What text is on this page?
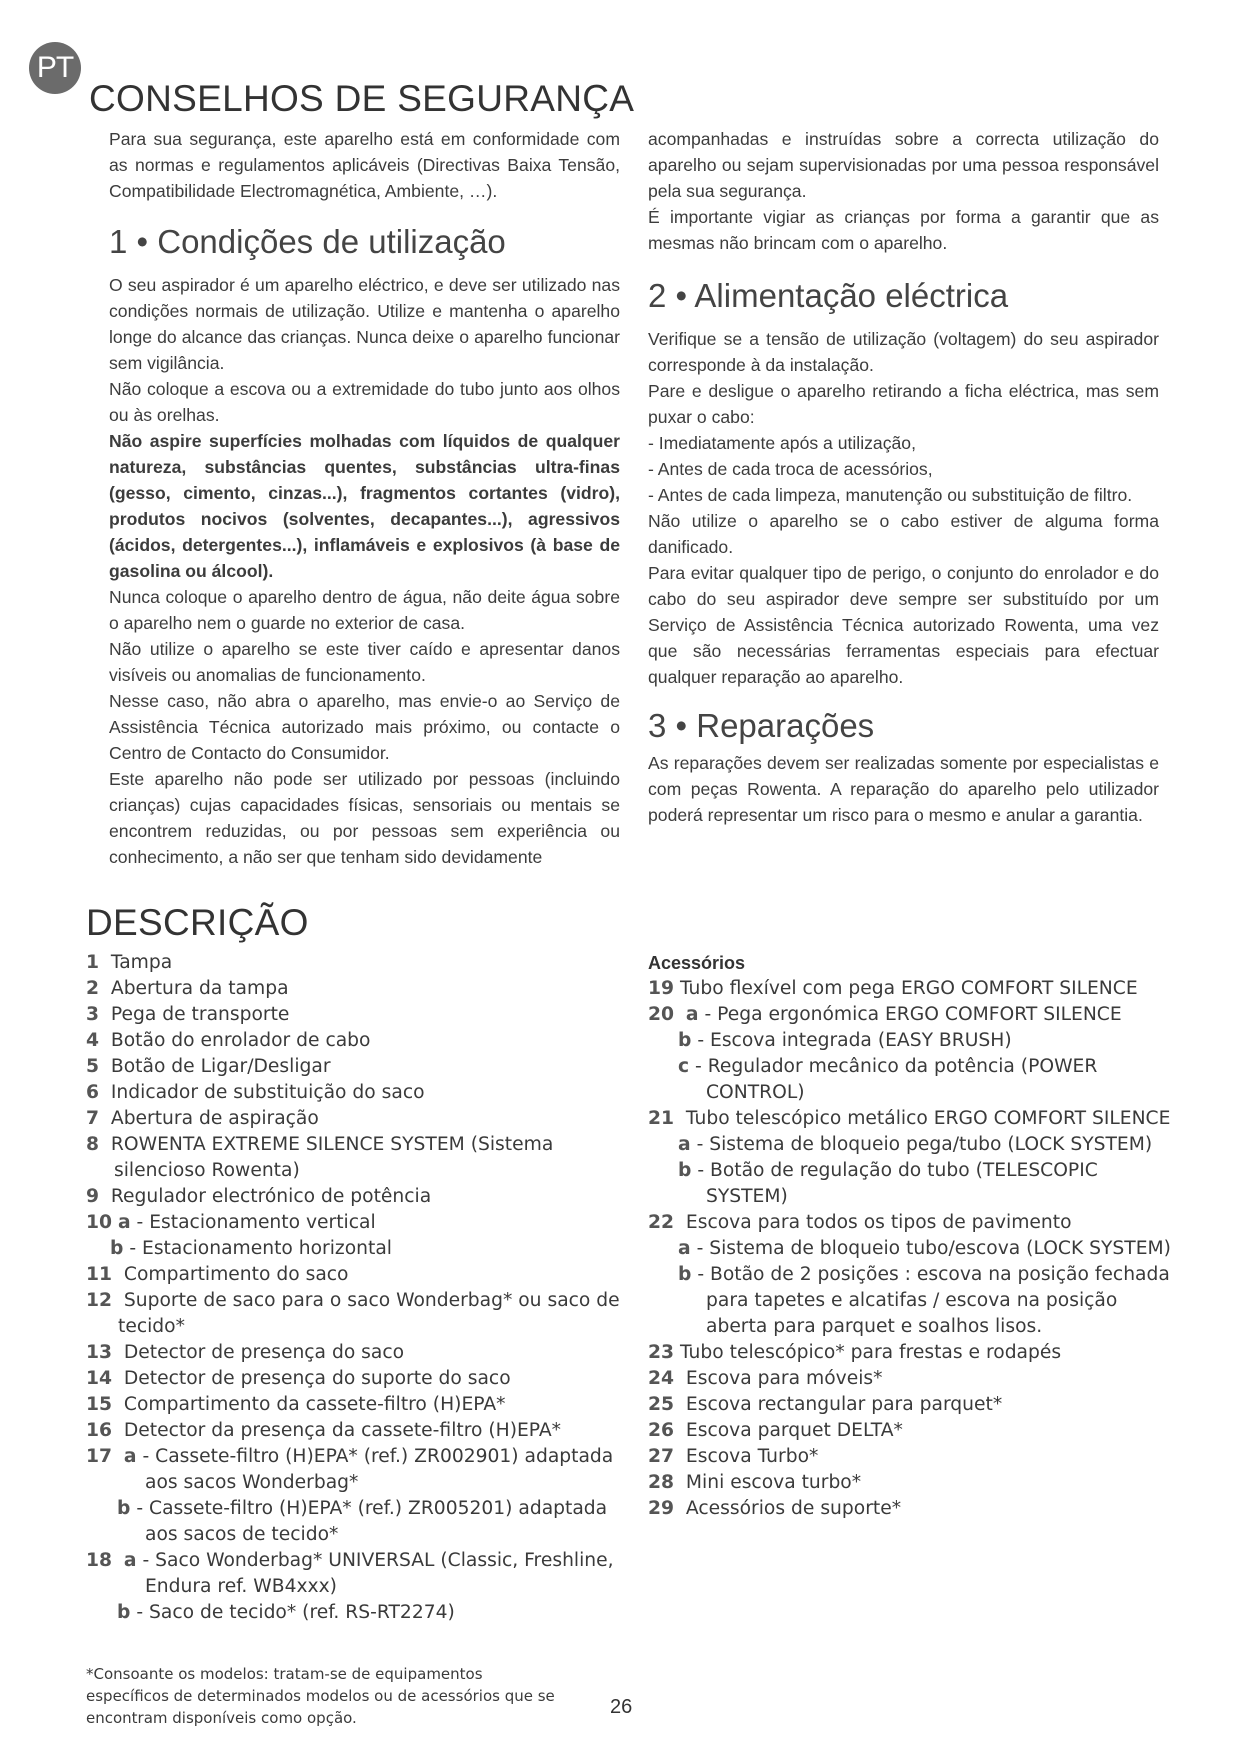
PT
CONSELHOS DE SEGURANÇA

Para sua segurança, este aparelho está em conformidade com as normas e regulamentos aplicáveis (Directivas Baixa Tensão, Compatibilidade Electromagnética, Ambiente, …).

1 • Condições de utilização

O seu aspirador é um aparelho eléctrico, e deve ser utilizado nas condições normais de utilização. Utilize e mantenha o aparelho longe do alcance das crianças. Nunca deixe o aparelho funcionar sem vigilância.

Não coloque a escova ou a extremidade do tubo junto aos olhos ou às orelhas.

Não aspire superfícies molhadas com líquidos de qualquer natureza, substâncias quentes, substâncias ultra-finas (gesso, cimento, cinzas...), fragmentos cortantes (vidro), produtos nocivos (solventes, decapantes...), agressivos (ácidos, detergentes...), inflamáveis e explosivos (à base de gasolina ou álcool).

Nunca coloque o aparelho dentro de água, não deite água sobre o aparelho nem o guarde no exterior de casa.

Não utilize o aparelho se este tiver caído e apresentar danos visíveis ou anomalias de funcionamento.

Nesse caso, não abra o aparelho, mas envie-o ao Serviço de Assistência Técnica autorizado mais próximo, ou contacte o Centro de Contacto do Consumidor.

Este aparelho não pode ser utilizado por pessoas (incluindo crianças) cujas capacidades físicas, sensoriais ou mentais se encontrem reduzidas, ou por pessoas sem experiência ou conhecimento, a não ser que tenham sido devidamente

acompanhadas e instruídas sobre a correcta utilização do aparelho ou sejam supervisionadas por uma pessoa responsável pela sua segurança.

É importante vigiar as crianças por forma a garantir que as mesmas não brincam com o aparelho.

2 • Alimentação eléctrica

Verifique se a tensão de utilização (voltagem) do seu aspirador corresponde à da instalação.

Pare e desligue o aparelho retirando a ficha eléctrica, mas sem puxar o cabo:

- Imediatamente após a utilização,

- Antes de cada troca de acessórios,

- Antes de cada limpeza, manutenção ou substituição de filtro.

Não utilize o aparelho se o cabo estiver de alguma forma danificado.

Para evitar qualquer tipo de perigo, o conjunto do enrolador e do cabo do seu aspirador deve sempre ser substituído por um Serviço de Assistência Técnica autorizado Rowenta, uma vez que são necessárias ferramentas especiais para efectuar qualquer reparação ao aparelho.

3 • Reparações

As reparações devem ser realizadas somente por especialistas e com peças Rowenta. A reparação do aparelho pelo utilizador poderá representar um risco para o mesmo e anular a garantia.

DESCRIÇÃO
1 Tampa
2 Abertura da tampa
3 Pega de transporte
4 Botão do enrolador de cabo
5 Botão de Ligar/Desligar
6 Indicador de substituição do saco
7 Abertura de aspiração
8 ROWENTA EXTREME SILENCE SYSTEM (Sistema silencioso Rowenta)
9 Regulador electrónico de potência
10 a - Estacionamento vertical
b - Estacionamento horizontal
11 Compartimento do saco
12 Suporte de saco para o saco Wonderbag* ou saco de tecido*
13 Detector de presença do saco
14 Detector de presença do suporte do saco
15 Compartimento da cassete-filtro (H)EPA*
16 Detector da presença da cassete-filtro (H)EPA*
17 a - Cassete-filtro (H)EPA* (ref.) ZR002901) adaptada aos sacos Wonderbag*
b - Cassete-filtro (H)EPA* (ref.) ZR005201) adaptada aos sacos de tecido*
18 a - Saco Wonderbag* UNIVERSAL (Classic, Freshline, Endura ref. WB4xxx)
b - Saco de tecido* (ref. RS-RT2274)
Acessórios
19 Tubo flexível com pega ERGO COMFORT SILENCE
20 a - Pega ergonómica ERGO COMFORT SILENCE
b - Escova integrada (EASY BRUSH)
c - Regulador mecânico da potência (POWER CONTROL)
21 Tubo telescópico metálico ERGO COMFORT SILENCE
a - Sistema de bloqueio pega/tubo (LOCK SYSTEM)
b - Botão de regulação do tubo (TELESCOPIC SYSTEM)
22 Escova para todos os tipos de pavimento
a - Sistema de bloqueio tubo/escova (LOCK SYSTEM)
b - Botão de 2 posições : escova na posição fechada para tapetes e alcatifas / escova na posição aberta para parquet e soalhos lisos.
23 Tubo telescópico* para frestas e rodapés
24 Escova para móveis*
25 Escova rectangular para parquet*
26 Escova parquet DELTA*
27 Escova Turbo*
28 Mini escova turbo*
29 Acessórios de suporte*
*Consoante os modelos: tratam-se de equipamentos específicos de determinados modelos ou de acessórios que se encontram disponíveis como opção.	26
